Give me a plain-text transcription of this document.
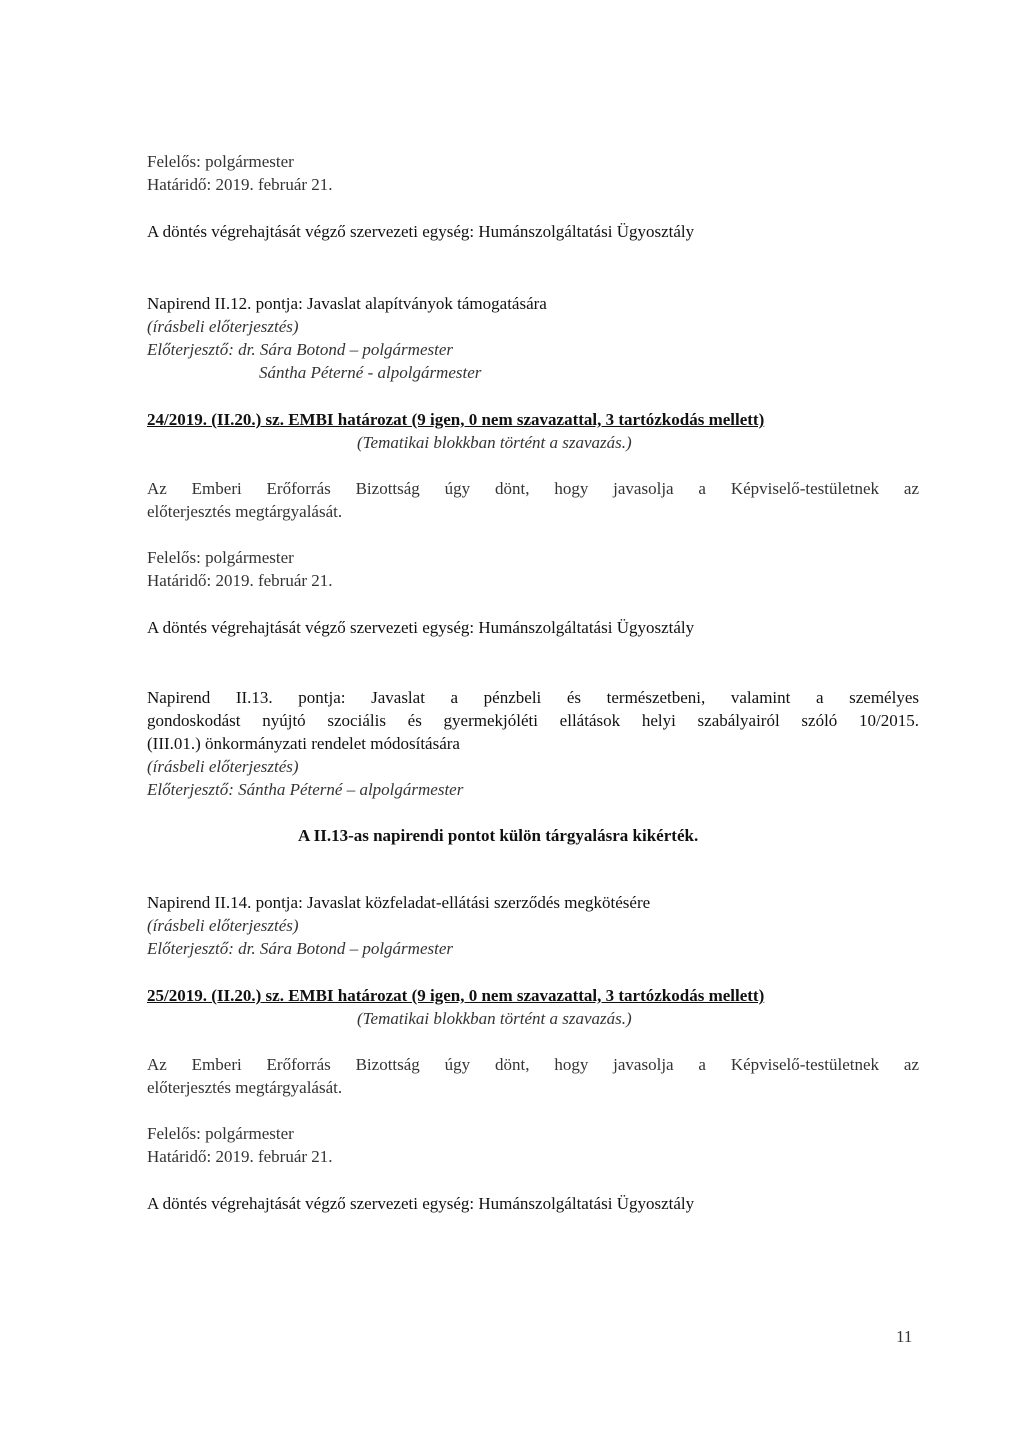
Felelős: polgármester
Határidő: 2019. február 21.
A döntés végrehajtását végző szervezeti egység: Humánszolgáltatási Ügyosztály
Napirend II.12. pontja: Javaslat alapítványok támogatására
(írásbeli előterjesztés)
Előterjesztő: dr. Sára Botond – polgármester
Sántha Péterné - alpolgármester
24/2019. (II.20.) sz. EMBI határozat (9 igen, 0 nem szavazattal, 3 tartózkodás mellett)
(Tematikai blokkban történt a szavazás.)
Az Emberi Erőforrás Bizottság úgy dönt, hogy javasolja a Képviselő-testületnek az
előterjesztés megtárgyalását.
Felelős: polgármester
Határidő: 2019. február 21.
A döntés végrehajtását végző szervezeti egység: Humánszolgáltatási Ügyosztály
Napirend II.13. pontja: Javaslat a pénzbeli és természetbeni, valamint a személyes
gondoskodást nyújtó szociális és gyermekjóléti ellátások helyi szabályairól szóló 10/2015.
(III.01.) önkormányzati rendelet módosítására
(írásbeli előterjesztés)
Előterjesztő: Sántha Péterné – alpolgármester
A II.13-as napirendi pontot külön tárgyalásra kikérték.
Napirend II.14. pontja: Javaslat közfeladat-ellátási szerződés megkötésére
(írásbeli előterjesztés)
Előterjesztő: dr. Sára Botond – polgármester
25/2019. (II.20.) sz. EMBI határozat (9 igen, 0 nem szavazattal, 3 tartózkodás mellett)
(Tematikai blokkban történt a szavazás.)
Az Emberi Erőforrás Bizottság úgy dönt, hogy javasolja a Képviselő-testületnek az
előterjesztés megtárgyalását.
Felelős: polgármester
Határidő: 2019. február 21.
A döntés végrehajtását végző szervezeti egység: Humánszolgáltatási Ügyosztály
11
